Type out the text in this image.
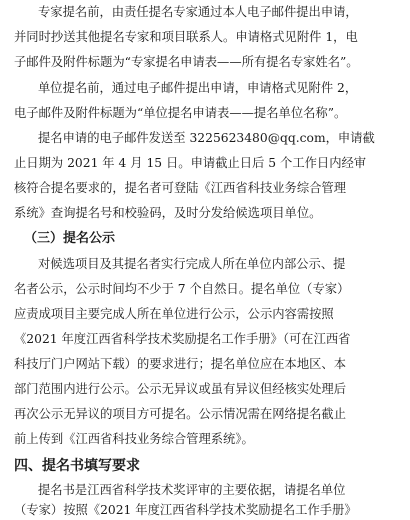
专家提名前，由责任提名专家通过本人电子邮件提出申请，
并同时抄送其他提名专家和项目联系人。申请格式见附件 1，电
子邮件及附件标题为“专家提名申请表——所有提名专家姓名”。
单位提名前，通过电子邮件提出申请，申请格式见附件 2，
电子邮件及附件标题为“单位提名申请表——提名单位名称”。
提名申请的电子邮件发送至 3225623480@qq.com，申请截
止日期为 2021 年 4 月 15 日。申请截止日后 5 个工作日内经审
核符合提名要求的，提名者可登陆《江西省科技业务综合管理
系统》查询提名号和校验码，及时分发给候选项目单位。
（三）提名公示
对候选项目及其提名者实行完成人所在单位内部公示、提
名者公示，公示时间均不少于 7 个自然日。提名单位（专家）
应责成项目主要完成人所在单位进行公示，公示内容需按照
《2021 年度江西省科学技术奖励提名工作手册》（可在江西省
科技厅门户网站下载）的要求进行；提名单位应在本地区、本
部门范围内进行公示。公示无异议或虽有异议但经核实处理后
再次公示无异议的项目方可提名。公示情况需在网络提名截止
前上传到《江西省科技业务综合管理系统》。
四、提名书填写要求
提名书是江西省科学技术奖评审的主要依据，请提名单位
（专家）按照《2021 年度江西省科学技术奖励提名工作手册》
